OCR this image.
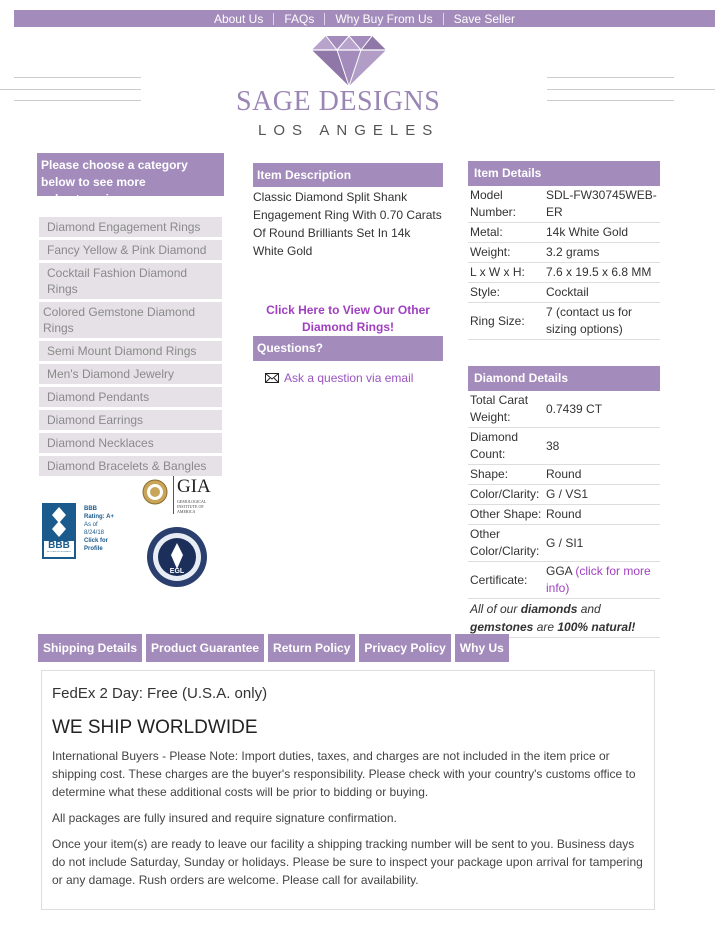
About Us	FAQs	Why Buy From Us	Save Seller
SAGE DESIGNS
LOS ANGELES
Please choose a category below to see more subcategories
Diamond Engagement Rings
Fancy Yellow & Pink Diamond
Cocktail Fashion Diamond Rings
Colored Gemstone Diamond Rings
Semi Mount Diamond Rings
Men's Diamond Jewelry
Diamond Pendants
Diamond Earrings
Diamond Necklaces
Diamond Bracelets & Bangles
BBB
ACCREDITED BUSINESS
BBB
Rating: A+
As of
8/24/18
Click for
Profile
GIA
GEMOLOGICAL INSTITUTE OF AMERICA
EGL
Item Description
Classic Diamond Split Shank Engagement Ring With 0.70 Carats Of Round Brilliants Set In 14k White Gold
Click Here to View Our Other Diamond Rings!
Questions?
Ask a question via email
Item Details
Model Number:	SDL-FW30745WEB-ER
Metal:	14k White Gold
Weight:	3.2 grams
L x W x H:	7.6 x 19.5 x 6.8 MM
Style:	Cocktail
Ring Size:	7 (contact us for sizing options)
Diamond Details
Total Carat Weight:	0.7439 CT
Diamond Count:	38
Shape:	Round
Color/Clarity:	G / VS1
Other Shape:	Round
Other Color/Clarity:	G / SI1
Certificate:	GGA (click for more info)
All of our diamonds and gemstones are 100% natural!
Shipping Details	Product Guarantee	Return Policy	Privacy Policy	Why Us
FedEx 2 Day: Free (U.S.A. only)
WE SHIP WORLDWIDE

International Buyers - Please Note: Import duties, taxes, and charges are not included in the item price or shipping cost. These charges are the buyer's responsibility. Please check with your country's customs office to determine what these additional costs will be prior to bidding or buying.

All packages are fully insured and require signature confirmation.

Once your item(s) are ready to leave our facility a shipping tracking number will be sent to you. Business days do not include Saturday, Sunday or holidays. Please be sure to inspect your package upon arrival for tampering or any damage. Rush orders are welcome. Please call for availability.
